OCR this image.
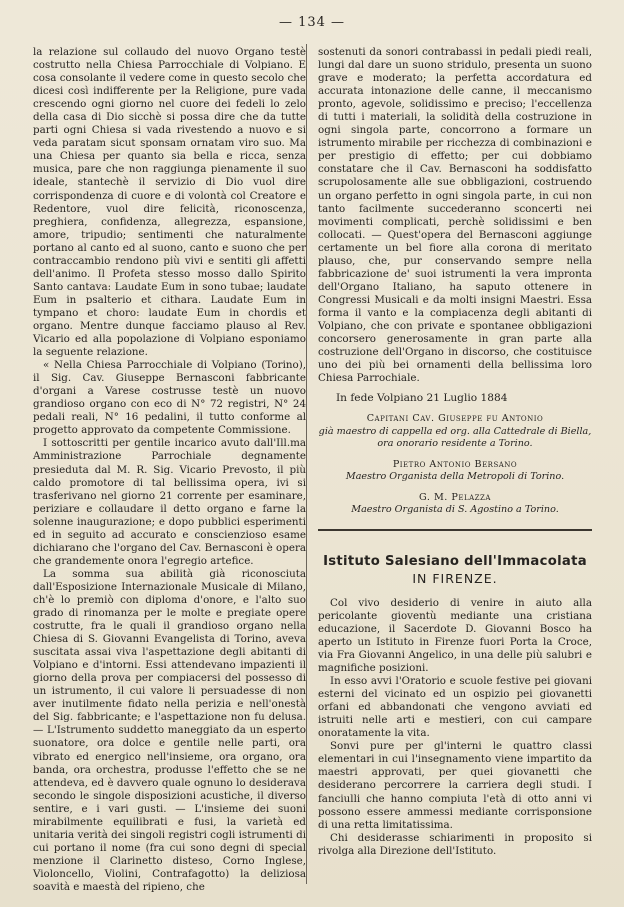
— 134 —

la relazione sul collaudo del nuovo Organo testè costrutto nella Chiesa Parrocchiale di Volpiano. E cosa consolante il vedere come in questo secolo che dicesi così indifferente per la Religione, pure vada crescendo ogni giorno nel cuore dei fedeli lo zelo della casa di Dio sicchè si possa dire che da tutte parti ogni Chiesa si vada rivestendo a nuovo e si veda paratam sicut sponsam ornatam viro suo. Ma una Chiesa per quanto sia bella e ricca, senza musica, pare che non raggiunga pienamente il suo ideale, stantechè il servizio di Dio vuol dire corrispondenza di cuore e di volontà col Creatore e Redentore, vuol dire felicità, riconoscenza, preghiera, confidenza, allegrezza, espansione, amore, tripudio; sentimenti che naturalmente portano al canto ed al suono, canto e suono che per contraccambio rendono più vivi e sentiti gli affetti dell'animo. Il Profeta stesso mosso dallo Spirito Santo cantava: Laudate Eum in sono tubae; laudate Eum in psalterio et cithara. Laudate Eum in tympano et choro: laudate Eum in chordis et organo. Mentre dunque facciamo plauso al Rev. Vicario ed alla popolazione di Volpiano esponiamo la seguente relazione.

« Nella Chiesa Parrocchiale di Volpiano (Torino), il Sig. Cav. Giuseppe Bernasconi fabbricante d'organi a Varese costrusse testè un nuovo grandioso organo con eco di N° 72 registri, N° 24 pedali reali, N° 16 pedalini, il tutto conforme al progetto approvato da competente Commissione.

I sottoscritti per gentile incarico avuto dall'Ill.ma Amministrazione Parrochiale degnamente presieduta dal M. R. Sig. Vicario Prevosto, il più caldo promotore di tal bellissima opera, ivi si trasferivano nel giorno 21 corrente per esaminare, periziare e collaudare il detto organo e farne la solenne inaugurazione; e dopo pubblici esperimenti ed in seguito ad accurato e conscienzioso esame dichiarano che l'organo del Cav. Bernasconi è opera che grandemente onora l'egregio artefice.

La somma sua abilità già riconosciuta dall'Esposizione Internazionale Musicale di Milano, ch'è lo premiò con diploma d'onore, e l'alto suo grado di rinomanza per le molte e pregiate opere costrutte, fra le quali il grandioso organo nella Chiesa di S. Giovanni Evangelista di Torino, aveva suscitata assai viva l'aspettazione degli abitanti di Volpiano e d'intorni. Essi attendevano impazienti il giorno della prova per compiacersi del possesso di un istrumento, il cui valore li persuadesse di non aver inutilmente fidato nella perizia e nell'onestà del Sig. fabbricante; e l'aspettazione non fu delusa. — L'Istrumento suddetto maneggiato da un esperto suonatore, ora dolce e gentile nelle parti, ora vibrato ed energico nell'insieme, ora organo, ora banda, ora orchestra, produsse l'effetto che se ne attendeva, ed è davvero quale ognuno lo desiderava secondo le singole disposizioni acustiche, il diverso sentire, e i vari gusti. — L'insieme dei suoni mirabilmente equilibrati e fusi, la varietà ed unitaria verità dei singoli registri cogli istrumenti di cui portano il nome (fra cui sono degni di special menzione il Clarinetto disteso, Corno Inglese, Violoncello, Violini, Contrafagotto) la deliziosa soavità e maestà del ripieno, che

sostenuti da sonori contrabassi in pedali piedi reali, lungi dal dare un suono stridulo, presenta un suono grave e moderato; la perfetta accordatura ed accurata intonazione delle canne, il meccanismo pronto, agevole, solidissimo e preciso; l'eccellenza di tutti i materiali, la solidità della costruzione in ogni singola parte, concorrono a formare un istrumento mirabile per ricchezza di combinazioni e per prestigio di effetto; per cui dobbiamo constatare che il Cav. Bernasconi ha soddisfatto scrupolosamente alle sue obbligazioni, costruendo un organo perfetto in ogni singola parte, in cui non tanto facilmente succederanno sconcerti nei movimenti complicati, perchè solidissimi e ben collocati. — Quest'opera del Bernasconi aggiunge certamente un bel fiore alla corona di meritato plauso, che, pur conservando sempre nella fabbricazione de' suoi istrumenti la vera impronta dell'Organo Italiano, ha saputo ottenere in Congressi Musicali e da molti insigni Maestri. Essa forma il vanto e la compiacenza degli abitanti di Volpiano, che con private e spontanee obbligazioni concorsero generosamente in gran parte alla costruzione dell'Organo in discorso, che costituisce uno dei più bei ornamenti della bellissima loro Chiesa Parrochiale.

In fede Volpiano 21 Luglio 1884

Capitani Cav. Giuseppe fu Antonio
già maestro di cappella ed org. alla Cattedrale di Biella, ora onorario residente a Torino.
Pietro Antonio Bersano
Maestro Organista della Metropoli di Torino.
G. M. Pelazza
Maestro Organista di S. Agostino a Torino.
Istituto Salesiano dell'Immacolata
IN FIRENZE.

Col vivo desiderio di venire in aiuto alla pericolante gioventù mediante una cristiana educazione, il Sacerdote D. Giovanni Bosco ha aperto un Istituto in Firenze fuori Porta la Croce, via Fra Giovanni Angelico, in una delle più salubri e magnifiche posizioni.

In esso avvi l'Oratorio e scuole festive pei giovani esterni del vicinato ed un ospizio pei giovanetti orfani ed abbandonati che vengono avviati ed istruiti nelle arti e mestieri, con cui campare onoratamente la vita.

Sonvi pure per gl'interni le quattro classi elementari in cui l'insegnamento viene impartito da maestri approvati, per quei giovanetti che desiderano percorrere la carriera degli studi. I fanciulli che hanno compiuta l'età di otto anni vi possono essere ammessi mediante corrisponsione di una retta limitatissima.

Chi desiderasse schiarimenti in proposito si rivolga alla Direzione dell'Istituto.
